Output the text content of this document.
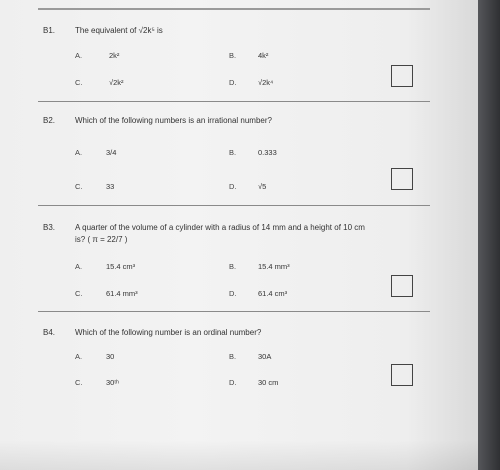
B1. The equivalent of √2k⁵ is
A.	2k²	B.	4k²
C.	√2k²	D.	√2k⁴
B2. Which of the following numbers is an irrational number?
A.	3/4	B.	0.333
C.	33	D.	√5
B3. A quarter of the volume of a cylinder with a radius of 14 mm and a height of 10 cm
is? ( π = 22/7 )
A.	15.4 cm³	B.	15.4 mm³
C.	61.4 mm³	D.	61.4 cm³
B4. Which of the following number is an ordinal number?
A.	30	B.	30A
C.	30ᵗʰ	D.	30 cm
